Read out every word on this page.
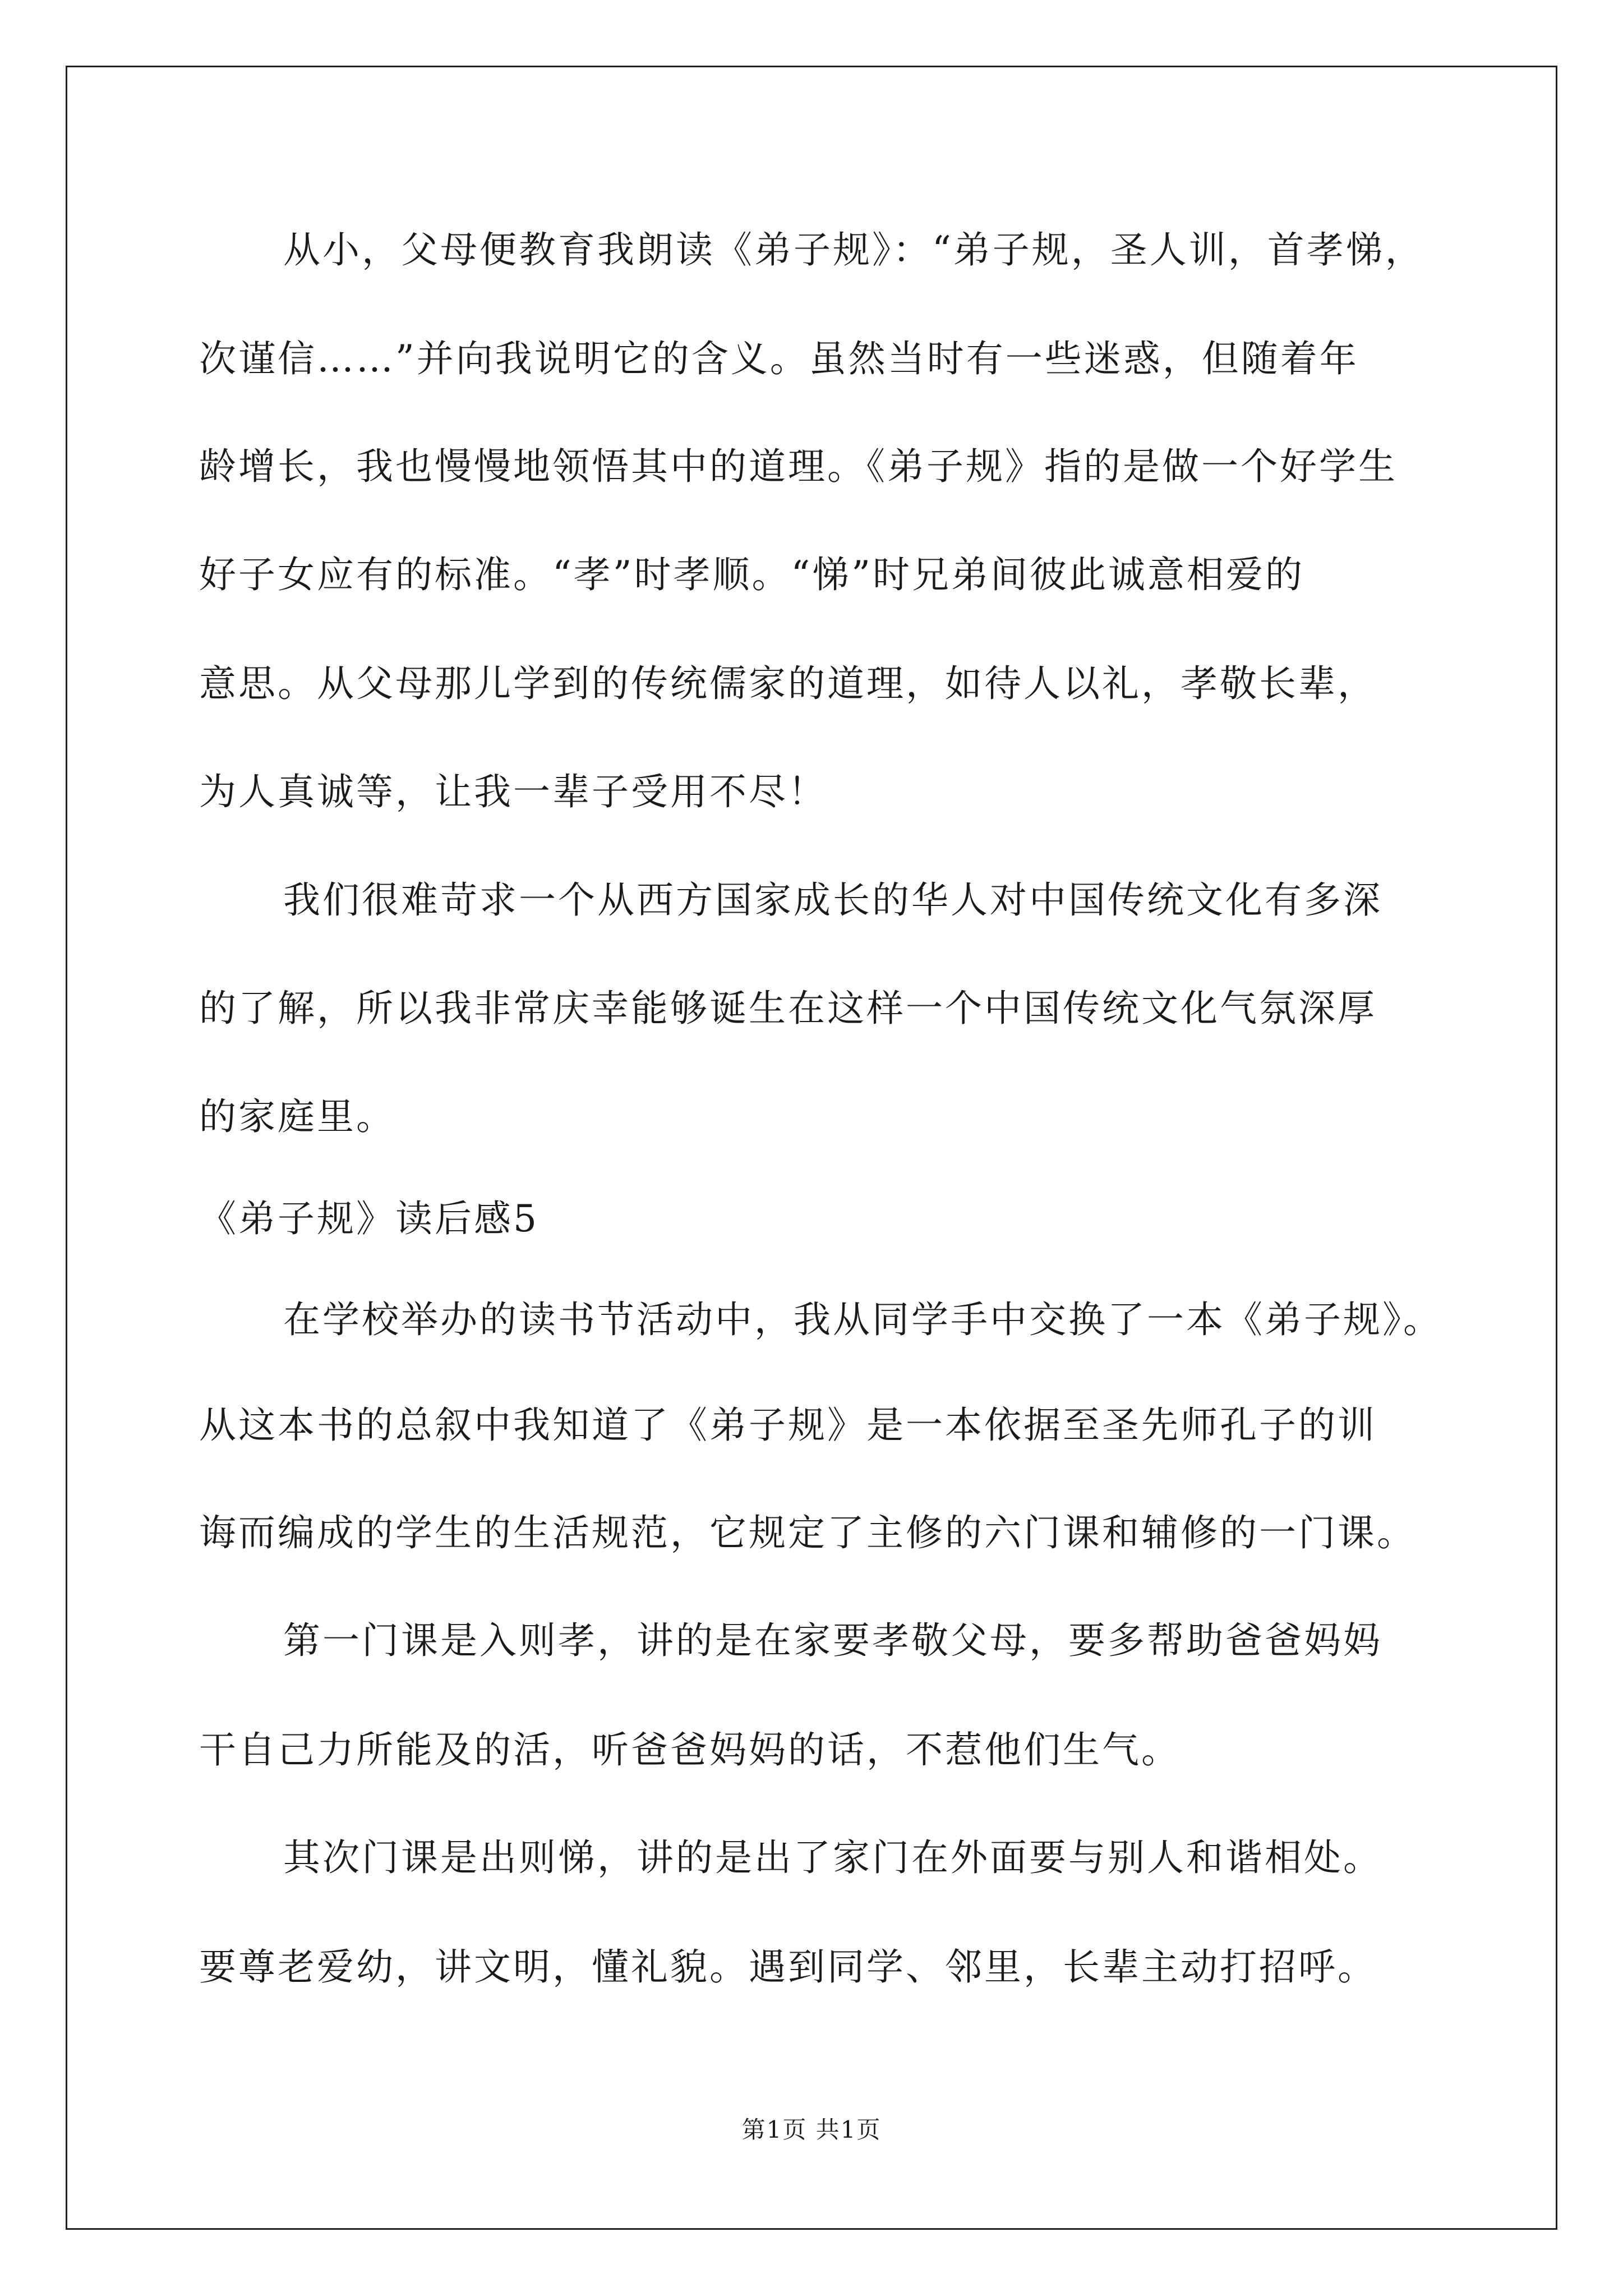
从小，父母便教育我朗读《弟子规》：“弟子规，圣人训，首孝悌，
次谨信……”并向我说明它的含义。虽然当时有一些迷惑，但随着年
龄增长，我也慢慢地领悟其中的道理。《弟子规》指的是做一个好学生
好子女应有的标准。“孝”时孝顺。“悌”时兄弟间彼此诚意相爱的
意思。从父母那儿学到的传统儒家的道理，如待人以礼，孝敬长辈，
为人真诚等，让我一辈子受用不尽！
我们很难苛求一个从西方国家成长的华人对中国传统文化有多深
的了解，所以我非常庆幸能够诞生在这样一个中国传统文化气氛深厚
的家庭里。
《弟子规》读后感5
在学校举办的读书节活动中，我从同学手中交换了一本《弟子规》。
从这本书的总叙中我知道了《弟子规》是一本依据至圣先师孔子的训
诲而编成的学生的生活规范，它规定了主修的六门课和辅修的一门课。
第一门课是入则孝，讲的是在家要孝敬父母，要多帮助爸爸妈妈
干自己力所能及的活，听爸爸妈妈的话，不惹他们生气。
其次门课是出则悌，讲的是出了家门在外面要与别人和谐相处。
要尊老爱幼，讲文明，懂礼貌。遇到同学、邻里，长辈主动打招呼。
第1页 共1页
